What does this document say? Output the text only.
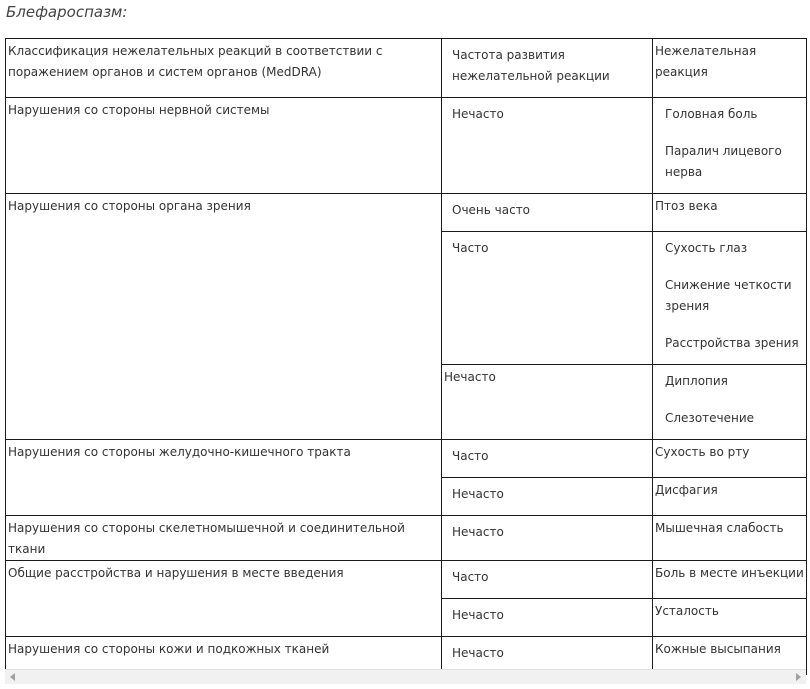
Блефароспазм:
Классификация нежелательных реакций в соответствии с поражением органов и систем органов (MedDRA)	Частота развития нежелательной реакции	Нежелательная реакция
Нарушения со стороны нервной системы	Нечасто	Головная боль

Паралич лицевого нерва

Нарушения со стороны органа зрения	Очень часто	Птоз века
	Часто	Сухость глаз

Снижение четкости зрения

Расстройства зрения

	Нечасто	Диплопия

Слезотечение

Нарушения со стороны желудочно-кишечного тракта	Часто	Сухость во рту
	Нечасто	Дисфагия
Нарушения со стороны скелетномышечной и соединительной ткани	Нечасто	Мышечная слабость
Общие расстройства и нарушения в месте введения	Часто	Боль в месте инъекции
	Нечасто	Усталость
Нарушения со стороны кожи и подкожных тканей	Нечасто	Кожные высыпания
